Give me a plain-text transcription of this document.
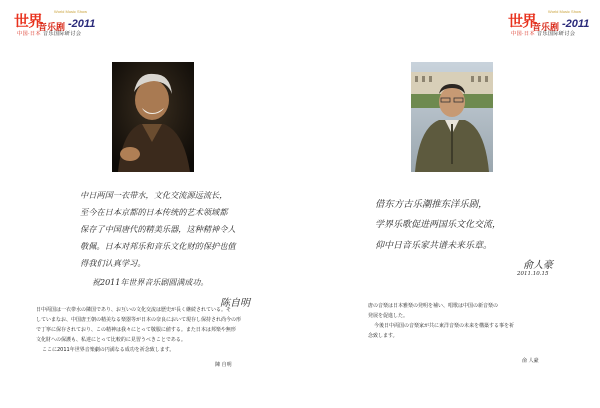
世界
World Music Show
音乐剧 -2011
中国·日本 音乐国际研讨会
中日两国一衣带水，文化交流源远流长，
至今在日本京都的日本传统的艺术领域都
保存了中国唐代的精美乐器，这种精神令人
敬佩。日本对邦乐和音乐文化财的保护也值
得我们认真学习。
祝2011年世界音乐剧圆满成功。
陈自明

日中両国は一衣帯水の隣国であり、お互いの文化交流は歴史が長く継続されている。そ

していまなお、中国唐王朝の精美なる楽器等が日本の奈良において現存し保持され尚今の形

で丁寧に保存されており、この精神は我々にとって敬服に値する。また日本は邦楽や無形

文化財への保護も、私達にとって比較的に見習うべきことである。

ここに2011年世界音楽劇の円満なる成功を祈念致します。

陳 自明
世界
World Music Show
音乐剧 -2011
中国·日本 音乐国际研讨会
借东方古乐潮推东洋乐剧，
学界乐歌促进两国乐文化交流，
仰中日音乐家共谱未来乐章。
俞人豪
2011.10.15

唐の音楽は日本雅楽の発明を補い、唱歌は中国の新音楽の

発展を促進した。

今後日中両国の音楽家が共に東洋音楽の未来を構築する事を祈

念致します。

俞 人豪
